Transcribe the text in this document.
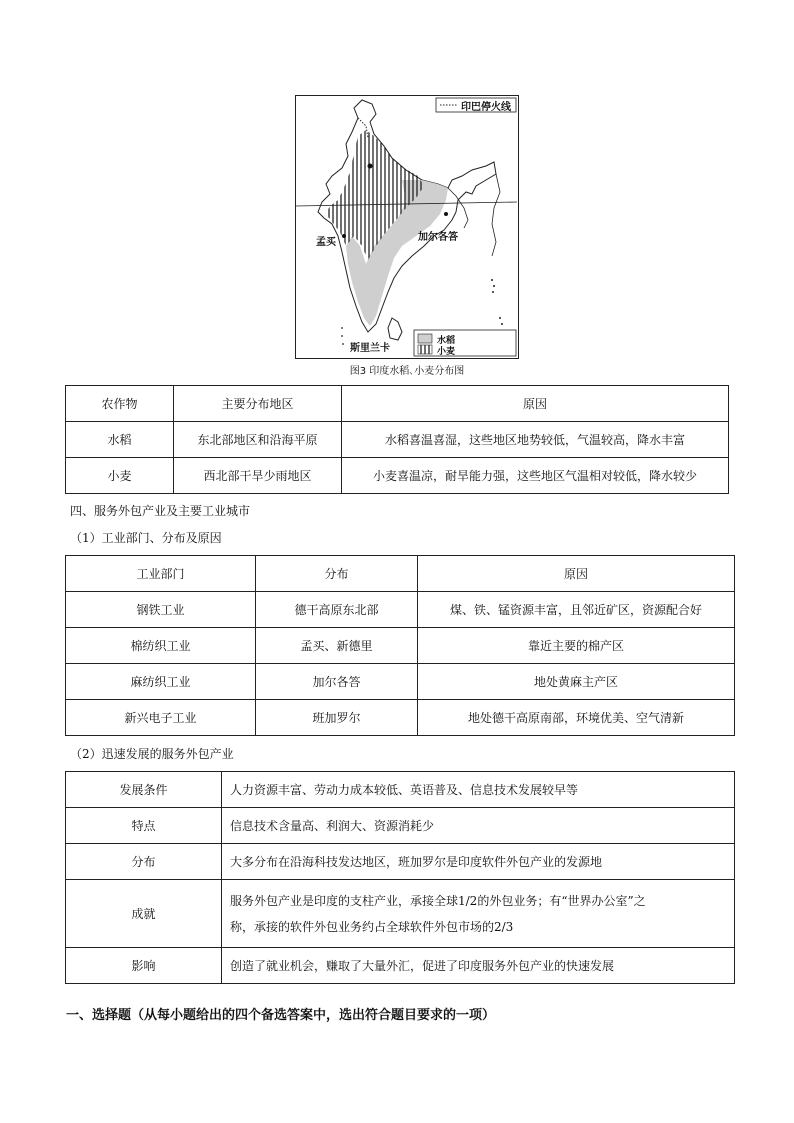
印巴停火线
孟买	加尔各答
斯里兰卡
水稻
小麦
图3 印度水稻､小麦分布图
农作物	主要分布地区	原因
水稻	东北部地区和沿海平原	水稻喜温喜湿，这些地区地势较低，气温较高，降水丰富
小麦	西北部干旱少雨地区	小麦喜温凉，耐旱能力强，这些地区气温相对较低，降水较少
四、服务外包产业及主要工业城市
（1）工业部门、分布及原因
工业部门	分布	原因
钢铁工业	德干高原东北部	煤、铁、锰资源丰富，且邻近矿区，资源配合好
棉纺织工业	孟买、新德里	靠近主要的棉产区
麻纺织工业	加尔各答	地处黄麻主产区
新兴电子工业	班加罗尔	地处德干高原南部，环境优美、空气清新
（2）迅速发展的服务外包产业
发展条件	人力资源丰富、劳动力成本较低、英语普及、信息技术发展较早等
特点	信息技术含量高、利润大、资源消耗少
分布	大多分布在沿海科技发达地区，班加罗尔是印度软件外包产业的发源地
成就	服务外包产业是印度的支柱产业，承接全球1/2的外包业务；有“世界办公室”之
称，承接的软件外包业务约占全球软件外包市场的2/3

影响	创造了就业机会，赚取了大量外汇，促进了印度服务外包产业的快速发展
一、选择题（从每小题给出的四个备选答案中，选出符合题目要求的一项）
